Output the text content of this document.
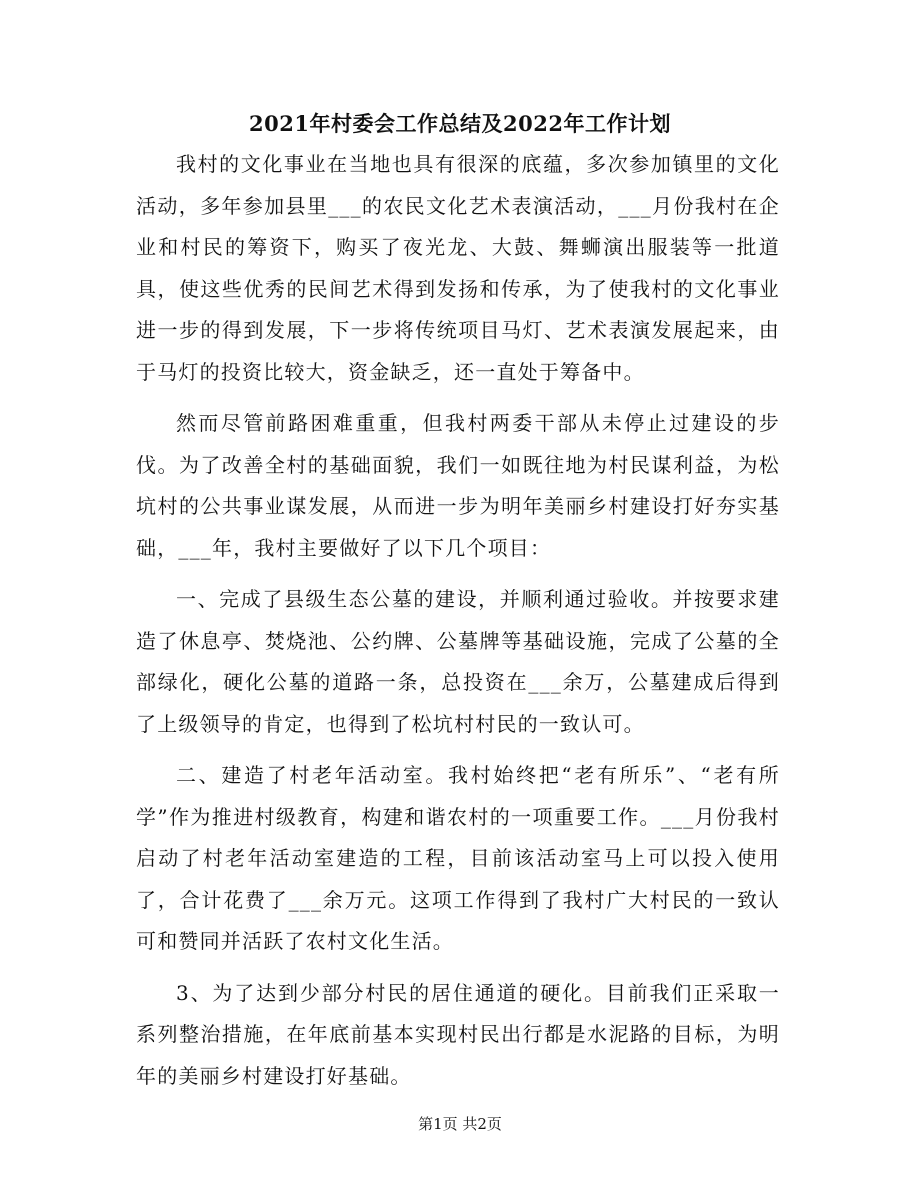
2021年村委会工作总结及2022年工作计划

我村的文化事业在当地也具有很深的底蕴，多次参加镇里的文化活动，多年参加县里___的农民文化艺术表演活动，___月份我村在企业和村民的筹资下，购买了夜光龙、大鼓、舞蛳演出服装等一批道具，使这些优秀的民间艺术得到发扬和传承，为了使我村的文化事业进一步的得到发展，下一步将传统项目马灯、艺术表演发展起来，由于马灯的投资比较大，资金缺乏，还一直处于筹备中。

然而尽管前路困难重重，但我村两委干部从未停止过建设的步伐。为了改善全村的基础面貌，我们一如既往地为村民谋利益，为松坑村的公共事业谋发展，从而进一步为明年美丽乡村建设打好夯实基础，___年，我村主要做好了以下几个项目：

一、完成了县级生态公墓的建设，并顺利通过验收。并按要求建造了休息亭、焚烧池、公约牌、公墓牌等基础设施，完成了公墓的全部绿化，硬化公墓的道路一条，总投资在___余万，公墓建成后得到了上级领导的肯定，也得到了松坑村村民的一致认可。

二、建造了村老年活动室。我村始终把“老有所乐”、“老有所学”作为推进村级教育，构建和谐农村的一项重要工作。___月份我村启动了村老年活动室建造的工程，目前该活动室马上可以投入使用了，合计花费了___余万元。这项工作得到了我村广大村民的一致认可和赞同并活跃了农村文化生活。

3、为了达到少部分村民的居住通道的硬化。目前我们正采取一系列整治措施，在年底前基本实现村民出行都是水泥路的目标，为明年的美丽乡村建设打好基础。

第1页 共2页
